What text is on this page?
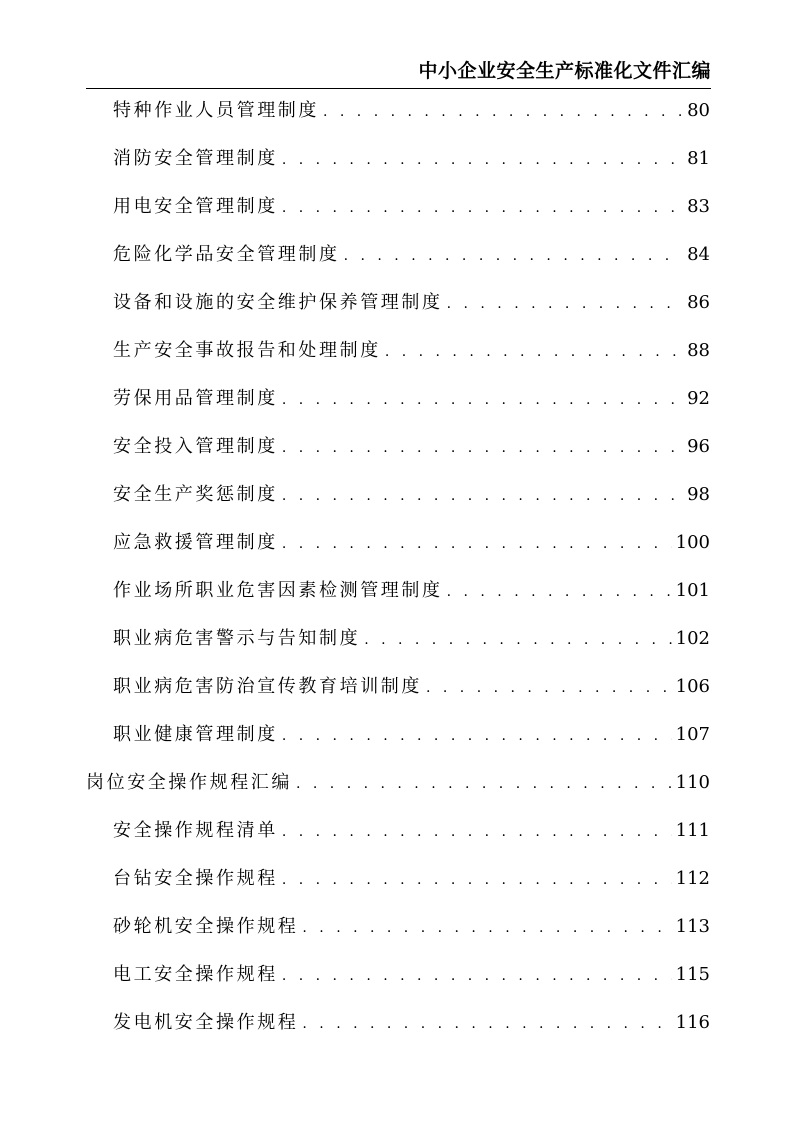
中小企业安全生产标准化文件汇编
特种作业人员管理制度 . . .	80
消防安全管理制度 . . .	81
用电安全管理制度 . . .	83
危险化学品安全管理制度 . . .	84
设备和设施的安全维护保养管理制度 . . .	86
生产安全事故报告和处理制度 . . .	88
劳保用品管理制度 . . .	92
安全投入管理制度 . . .	96
安全生产奖惩制度 . . .	98
应急救援管理制度 . . .	100
作业场所职业危害因素检测管理制度 . . .	101
职业病危害警示与告知制度 . . .	102
职业病危害防治宣传教育培训制度 . . .	106
职业健康管理制度 . . .	107
岗位安全操作规程汇编 . . .	110
安全操作规程清单 . . .	111
台钻安全操作规程 . . .	112
砂轮机安全操作规程 . . .	113
电工安全操作规程 . . .	115
发电机安全操作规程 . . .	116
